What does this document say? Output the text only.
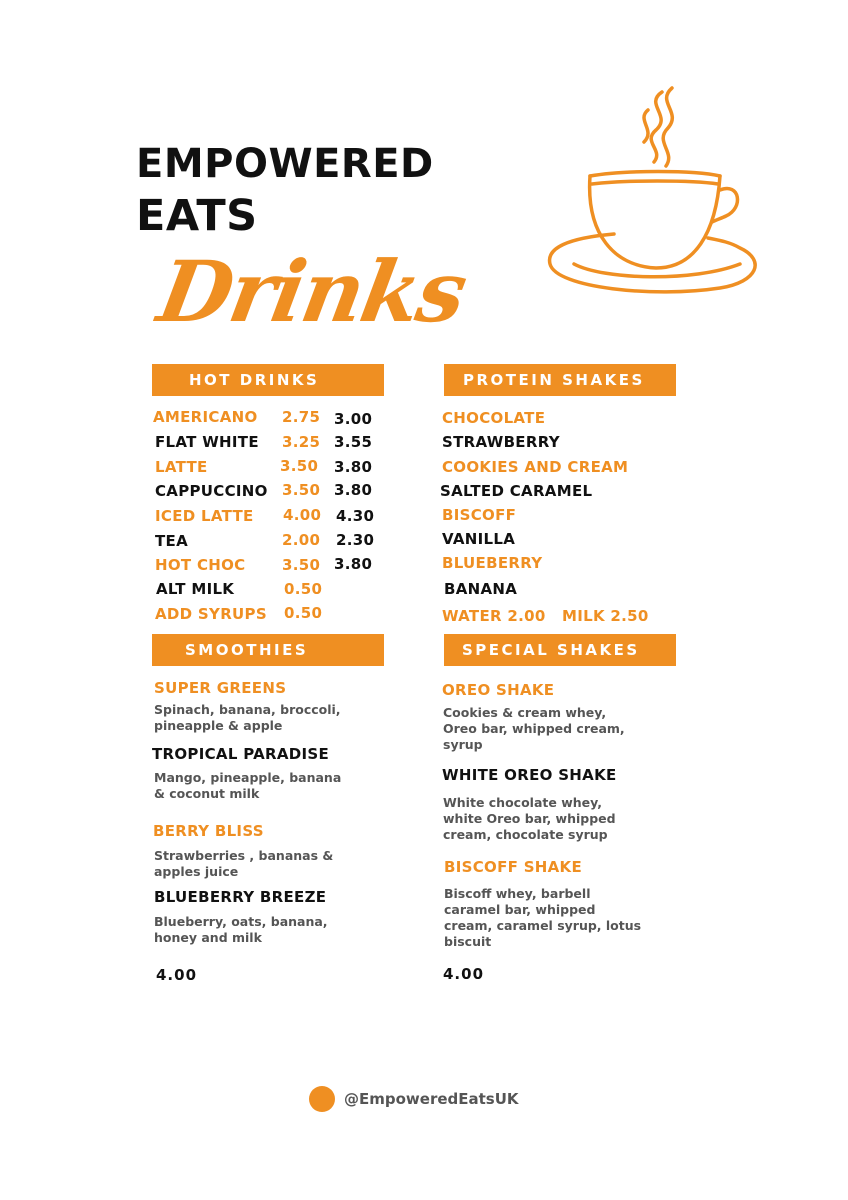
EMPOWERED
EATS
Drinks
HOT DRINKS
AMERICANO 2.75 3.00
FLAT WHITE 3.25 3.55
LATTE	3.50 3.80
CAPPUCCINO 3.50 3.80
ICED LATTE 4.00 4.30
TEA	2.00 2.30
HOT CHOC 3.50 3.80
ALT MILK	0.50
ADD SYRUPS 0.50
PROTEIN SHAKES
CHOCOLATE
STRAWBERRY
COOKIES AND CREAM
SALTED CARAMEL
BISCOFF
VANILLA
BLUEBERRY
BANANA
WATER 2.00 MILK 2.50
SMOOTHIES
SUPER GREENS
Spinach, banana, broccoli,
pineapple & apple
TROPICAL PARADISE
Mango, pineapple, banana
& coconut milk
BERRY BLISS
Strawberries , bananas &
apples juice
BLUEBERRY BREEZE
Blueberry, oats, banana,
honey and milk
4.00
SPECIAL SHAKES
OREO SHAKE
Cookies & cream whey,
Oreo bar, whipped cream,
syrup
WHITE OREO SHAKE
White chocolate whey,
white Oreo bar, whipped
cream, chocolate syrup
BISCOFF SHAKE
Biscoff whey, barbell
caramel bar, whipped
cream, caramel syrup, lotus
biscuit
4.00
@EmpoweredEatsUK
